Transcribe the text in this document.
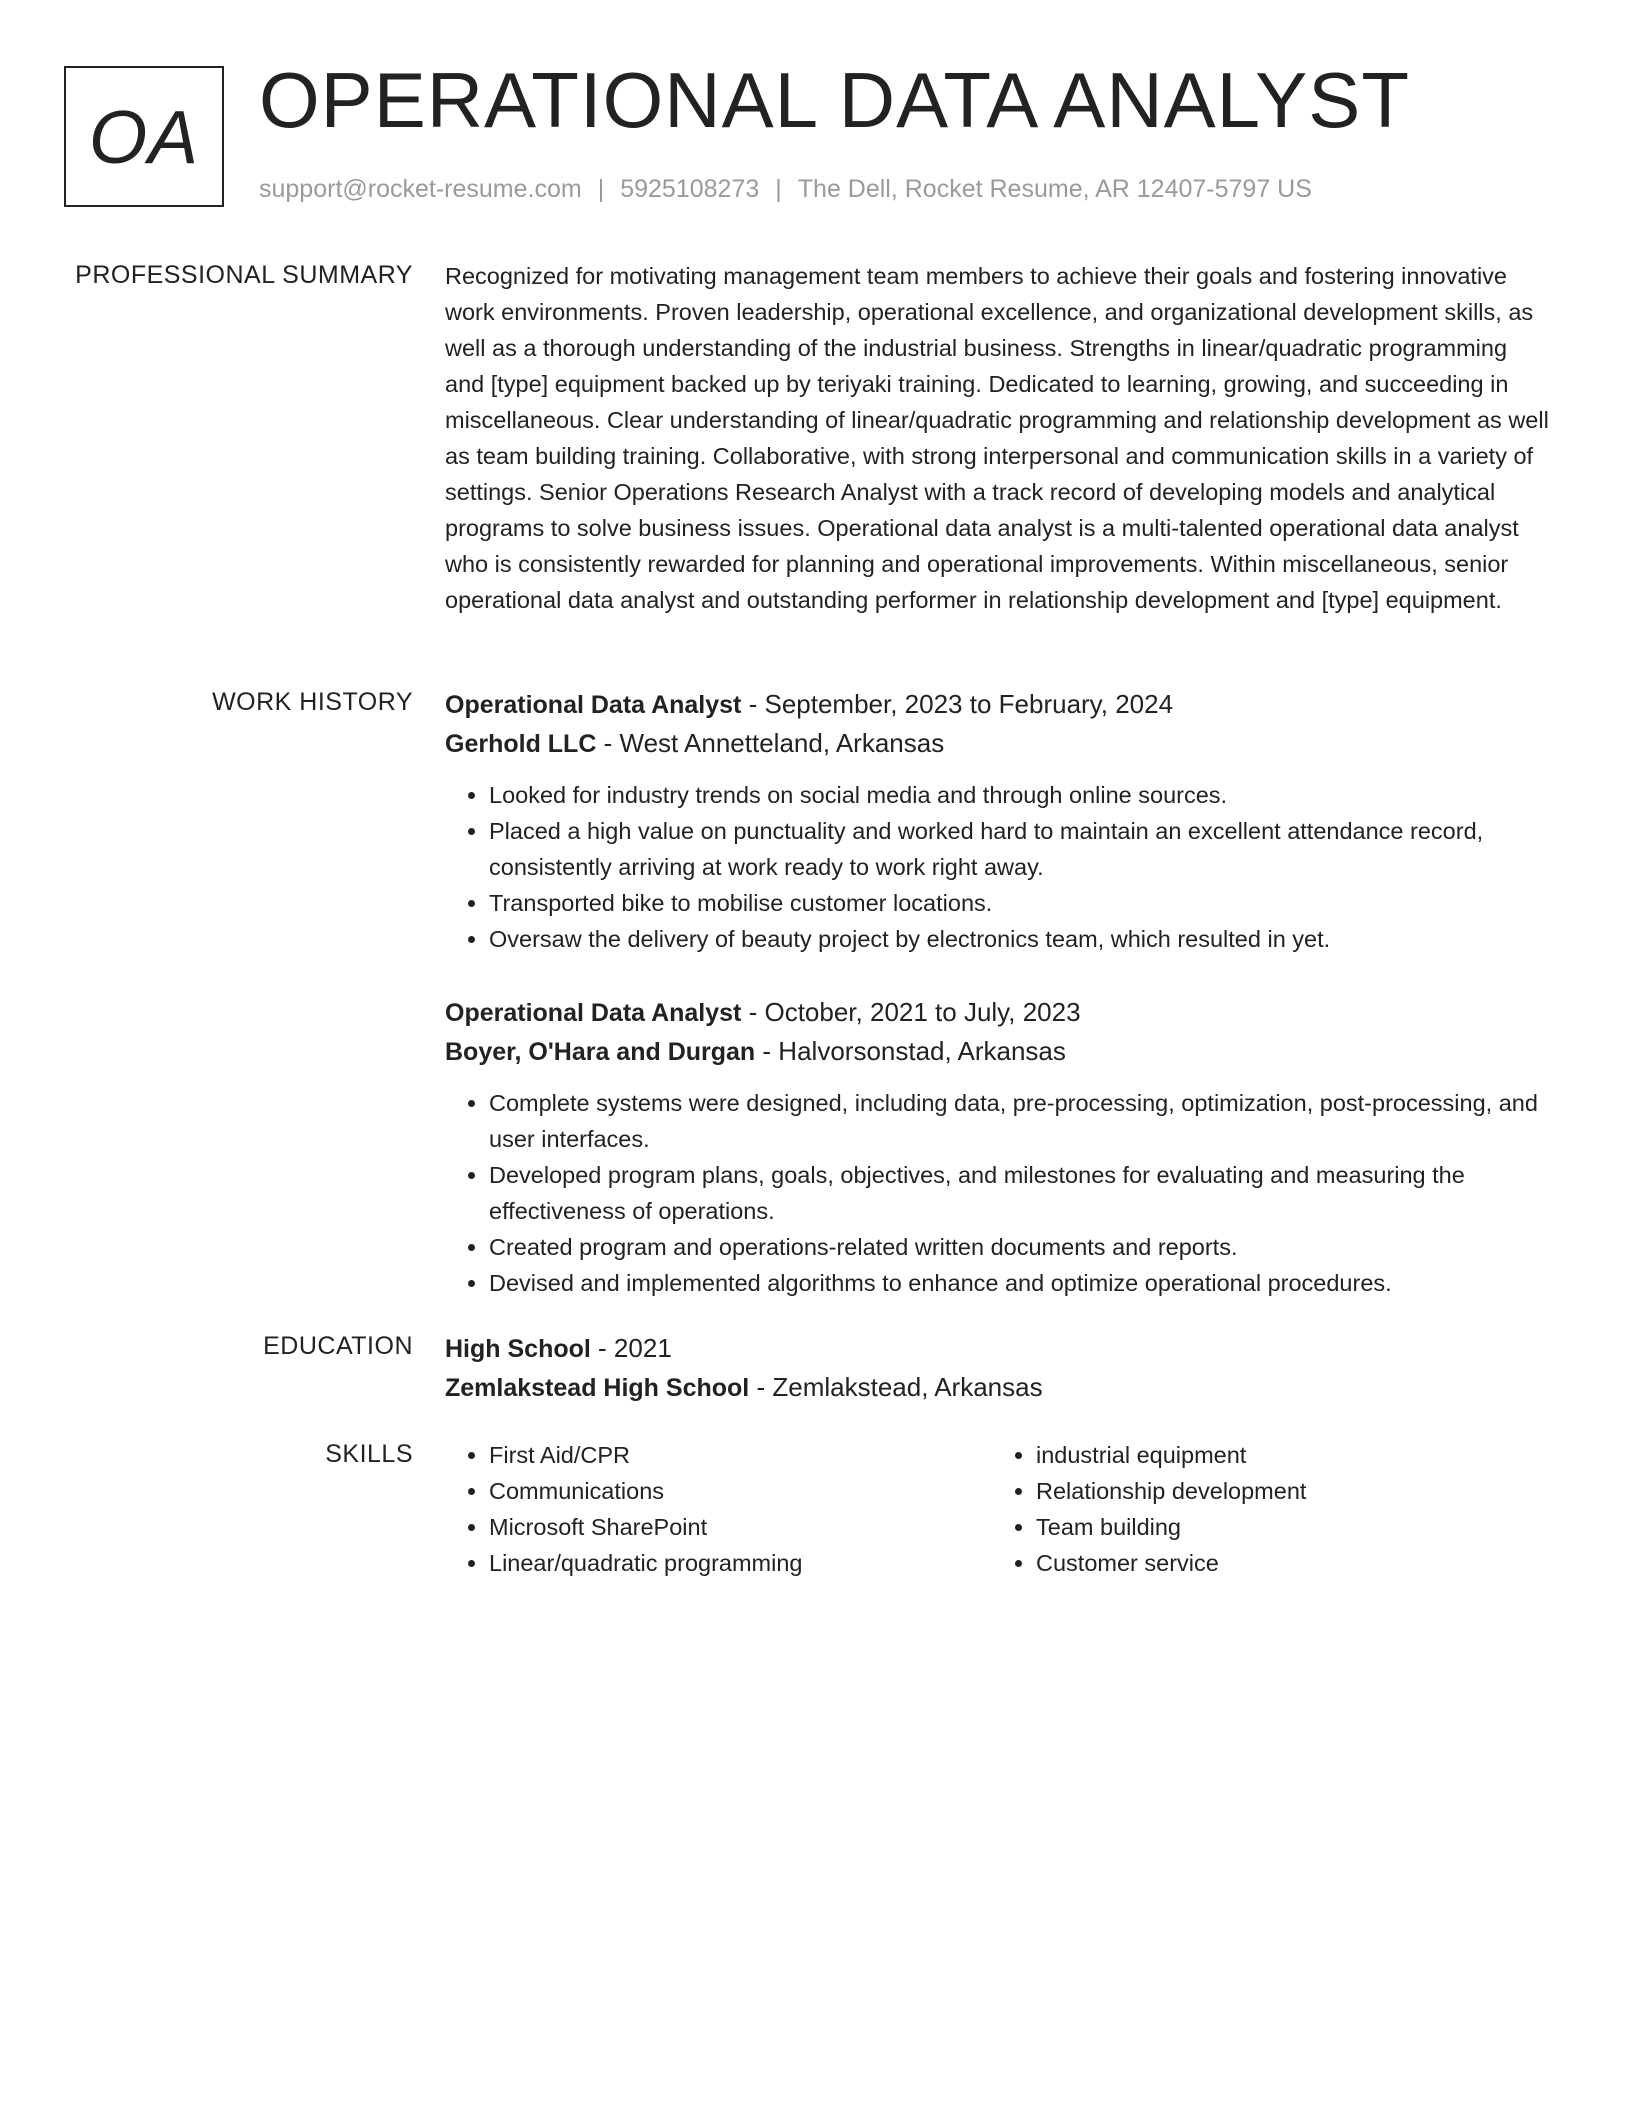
OA OPERATIONAL DATA ANALYST
support@rocket-resume.com | 5925108273 | The Dell, Rocket Resume, AR 12407-5797 US
PROFESSIONAL SUMMARY Recognized for motivating management team members to achieve their goals and fostering innovative work environments. Proven leadership, operational excellence, and organizational development skills, as well as a thorough understanding of the industrial business. Strengths in linear/quadratic programming and [type] equipment backed up by teriyaki training. Dedicated to learning, growing, and succeeding in miscellaneous. Clear understanding of linear/quadratic programming and relationship development as well as team building training. Collaborative, with strong interpersonal and communication skills in a variety of settings. Senior Operations Research Analyst with a track record of developing models and analytical programs to solve business issues. Operational data analyst is a multi-talented operational data analyst who is consistently rewarded for planning and operational improvements. Within miscellaneous, senior operational data analyst and outstanding performer in relationship development and [type] equipment.

WORK HISTORY Operational Data Analyst - September, 2023 to February, 2024
Gerhold LLC - West Annetteland, Arkansas
• Looked for industry trends on social media and through online sources.
• Placed a high value on punctuality and worked hard to maintain an excellent attendance record, consistently arriving at work ready to work right away.
• Transported bike to mobilise customer locations.
• Oversaw the delivery of beauty project by electronics team, which resulted in yet.
Operational Data Analyst - October, 2021 to July, 2023
Boyer, O'Hara and Durgan - Halvorsonstad, Arkansas
• Complete systems were designed, including data, pre-processing, optimization, post-processing, and user interfaces.
• Developed program plans, goals, objectives, and milestones for evaluating and measuring the effectiveness of operations.
• Created program and operations-related written documents and reports.
• Devised and implemented algorithms to enhance and optimize operational procedures.
EDUCATION High School - 2021
Zemlakstead High School - Zemlakstead, Arkansas
SKILLS
•	First Aid/CPR
• Communications
• Microsoft SharePoint
• Linear/quadratic programming
• industrial equipment
• Relationship development
• Team building
• Customer service
